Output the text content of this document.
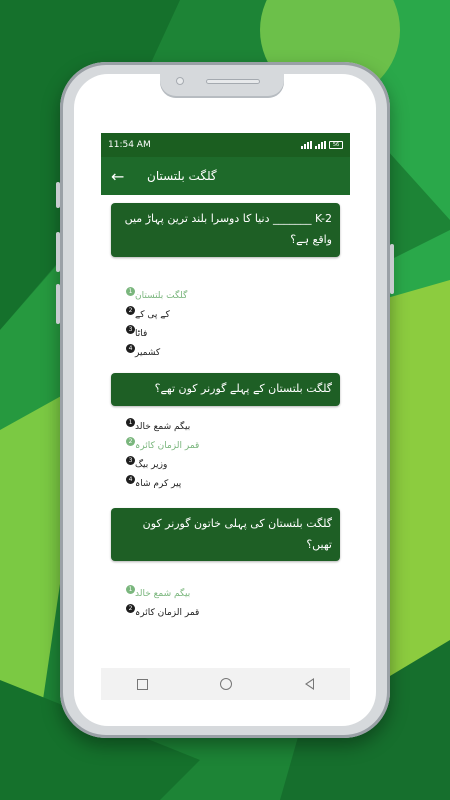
11:54 AM	56
←	گلگت بلتستان
K-2 _______ دنیا کا دوسرا بلند ترین پہاڑ میں واقع ہے؟
گلگت بلتستان
1
کے پی کے
2
فاٹا
3
کشمیر
4
گلگت بلتستان کے پہلے گورنر کون تھے؟
بیگم شمع خالد
1
قمر الزمان کائرہ
2
وزیر بیگ
3
پیر کرم شاہ
4
گلگت بلتستان کی پہلی خاتون گورنر کون تھیں؟
بیگم شمع خالد
1
قمر الزمان کائرہ
2
